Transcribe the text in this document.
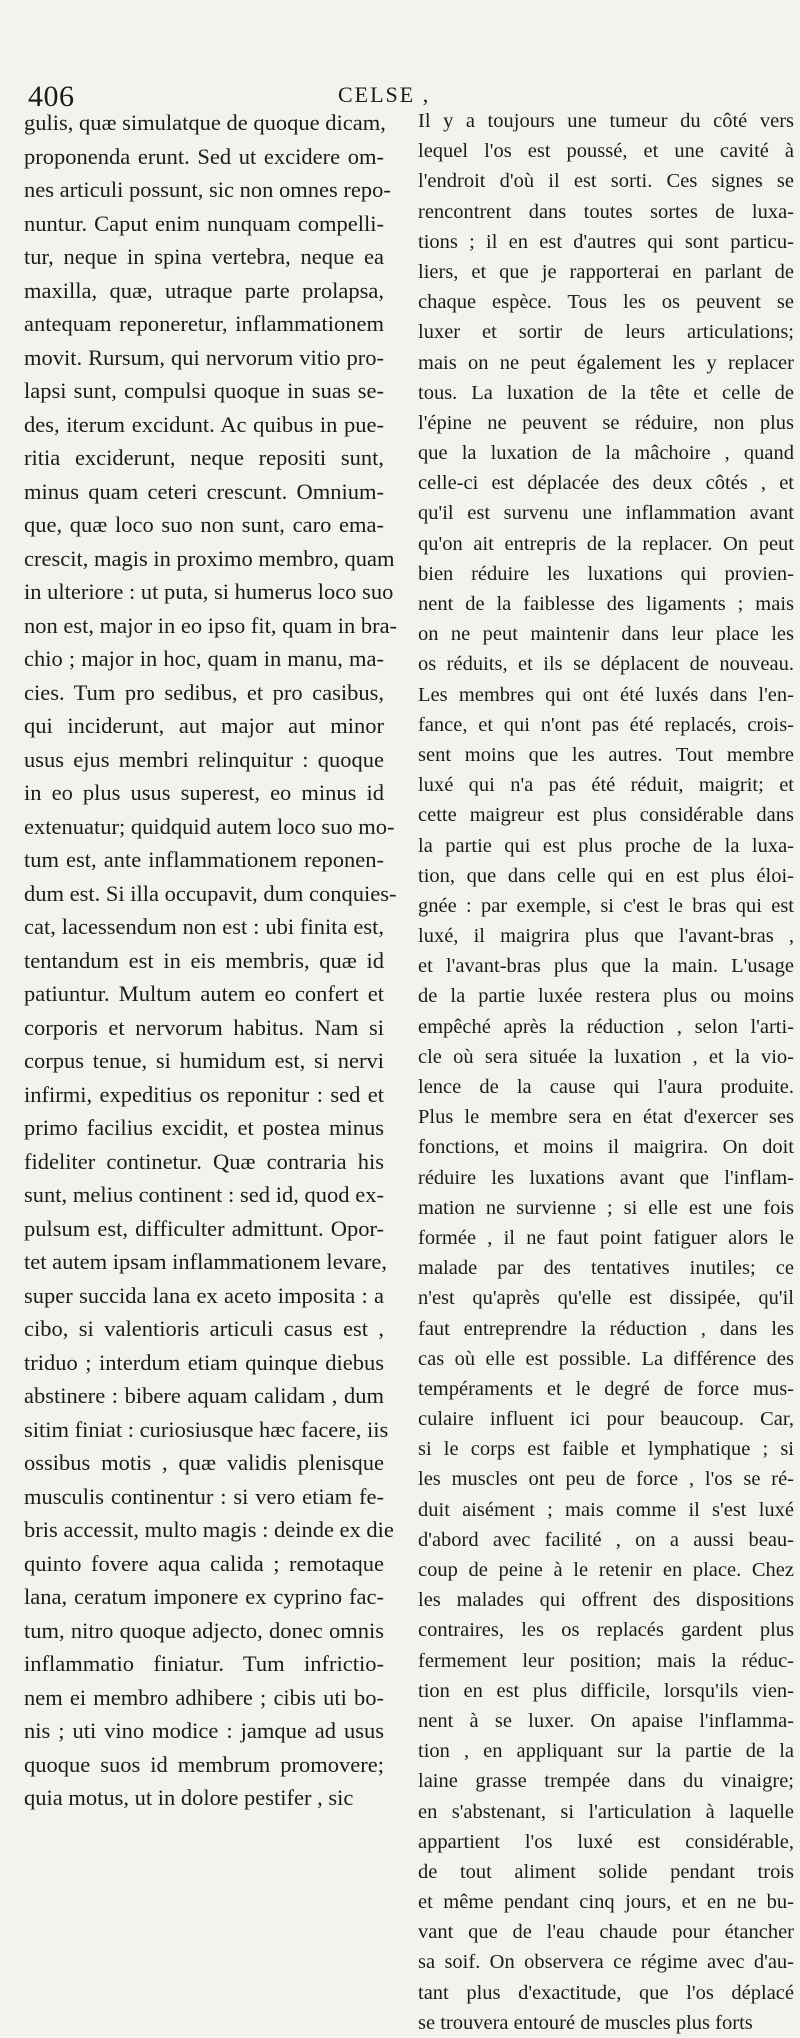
406	CELSE ,
gulis, quæ simulatque de quoque dicam,
proponenda erunt. Sed ut excidere om-
nes articuli possunt, sic non omnes repo-
nuntur. Caput enim nunquam compelli-
tur, neque in spina vertebra, neque ea
maxilla, quæ, utraque parte prolapsa,
antequam reponeretur, inflammationem
movit. Rursum, qui nervorum vitio pro-
lapsi sunt, compulsi quoque in suas se-
des, iterum excidunt. Ac quibus in pue-
ritia exciderunt, neque repositi sunt,
minus quam ceteri crescunt. Omnium-
que, quæ loco suo non sunt, caro ema-
crescit, magis in proximo membro, quam
in ulteriore : ut puta, si humerus loco suo
non est, major in eo ipso fit, quam in bra-
chio ; major in hoc, quam in manu, ma-
cies. Tum pro sedibus, et pro casibus,
qui inciderunt, aut major aut minor
usus ejus membri relinquitur : quoque
in eo plus usus superest, eo minus id
extenuatur; quidquid autem loco suo mo-
tum est, ante inflammationem reponen-
dum est. Si illa occupavit, dum conquies-
cat, lacessendum non est : ubi finita est,
tentandum est in eis membris, quæ id
patiuntur. Multum autem eo confert et
corporis et nervorum habitus. Nam si
corpus tenue, si humidum est, si nervi
infirmi, expeditius os reponitur : sed et
primo facilius excidit, et postea minus
fideliter continetur. Quæ contraria his
sunt, melius continent : sed id, quod ex-
pulsum est, difficulter admittunt. Opor-
tet autem ipsam inflammationem levare,
super succida lana ex aceto imposita : a
cibo, si valentioris articuli casus est ,
triduo ; interdum etiam quinque diebus
abstinere : bibere aquam calidam , dum
sitim finiat : curiosiusque hæc facere, iis
ossibus motis , quæ validis plenisque
musculis continentur : si vero etiam fe-
bris accessit, multo magis : deinde ex die
quinto fovere aqua calida ; remotaque
lana, ceratum imponere ex cyprino fac-
tum, nitro quoque adjecto, donec omnis
inflammatio finiatur. Tum infrictio-
nem ei membro adhibere ; cibis uti bo-
nis ; uti vino modice : jamque ad usus
quoque suos id membrum promovere;
quia motus, ut in dolore pestifer , sic
Il y a toujours une tumeur du côté vers
lequel l'os est poussé, et une cavité à
l'endroit d'où il est sorti. Ces signes se
rencontrent dans toutes sortes de luxa-
tions ; il en est d'autres qui sont particu-
liers, et que je rapporterai en parlant de
chaque espèce. Tous les os peuvent se
luxer et sortir de leurs articulations;
mais on ne peut également les y replacer
tous. La luxation de la tête et celle de
l'épine ne peuvent se réduire, non plus
que la luxation de la mâchoire , quand
celle-ci est déplacée des deux côtés , et
qu'il est survenu une inflammation avant
qu'on ait entrepris de la replacer. On peut
bien réduire les luxations qui provien-
nent de la faiblesse des ligaments ; mais
on ne peut maintenir dans leur place les
os réduits, et ils se déplacent de nouveau.
Les membres qui ont été luxés dans l'en-
fance, et qui n'ont pas été replacés, crois-
sent moins que les autres. Tout membre
luxé qui n'a pas été réduit, maigrit; et
cette maigreur est plus considérable dans
la partie qui est plus proche de la luxa-
tion, que dans celle qui en est plus éloi-
gnée : par exemple, si c'est le bras qui est
luxé, il maigrira plus que l'avant-bras ,
et l'avant-bras plus que la main. L'usage
de la partie luxée restera plus ou moins
empêché après la réduction , selon l'arti-
cle où sera située la luxation , et la vio-
lence de la cause qui l'aura produite.
Plus le membre sera en état d'exercer ses
fonctions, et moins il maigrira. On doit
réduire les luxations avant que l'inflam-
mation ne survienne ; si elle est une fois
formée , il ne faut point fatiguer alors le
malade par des tentatives inutiles; ce
n'est qu'après qu'elle est dissipée, qu'il
faut entreprendre la réduction , dans les
cas où elle est possible. La différence des
tempéraments et le degré de force mus-
culaire influent ici pour beaucoup. Car,
si le corps est faible et lymphatique ; si
les muscles ont peu de force , l'os se ré-
duit aisément ; mais comme il s'est luxé
d'abord avec facilité , on a aussi beau-
coup de peine à le retenir en place. Chez
les malades qui offrent des dispositions
contraires, les os replacés gardent plus
fermement leur position; mais la réduc-
tion en est plus difficile, lorsqu'ils vien-
nent à se luxer. On apaise l'inflamma-
tion , en appliquant sur la partie de la
laine grasse trempée dans du vinaigre;
en s'abstenant, si l'articulation à laquelle
appartient l'os luxé est considérable,
de tout aliment solide pendant trois
et même pendant cinq jours, et en ne bu-
vant que de l'eau chaude pour étancher
sa soif. On observera ce régime avec d'au-
tant plus d'exactitude, que l'os déplacé
se trouvera entouré de muscles plus forts
